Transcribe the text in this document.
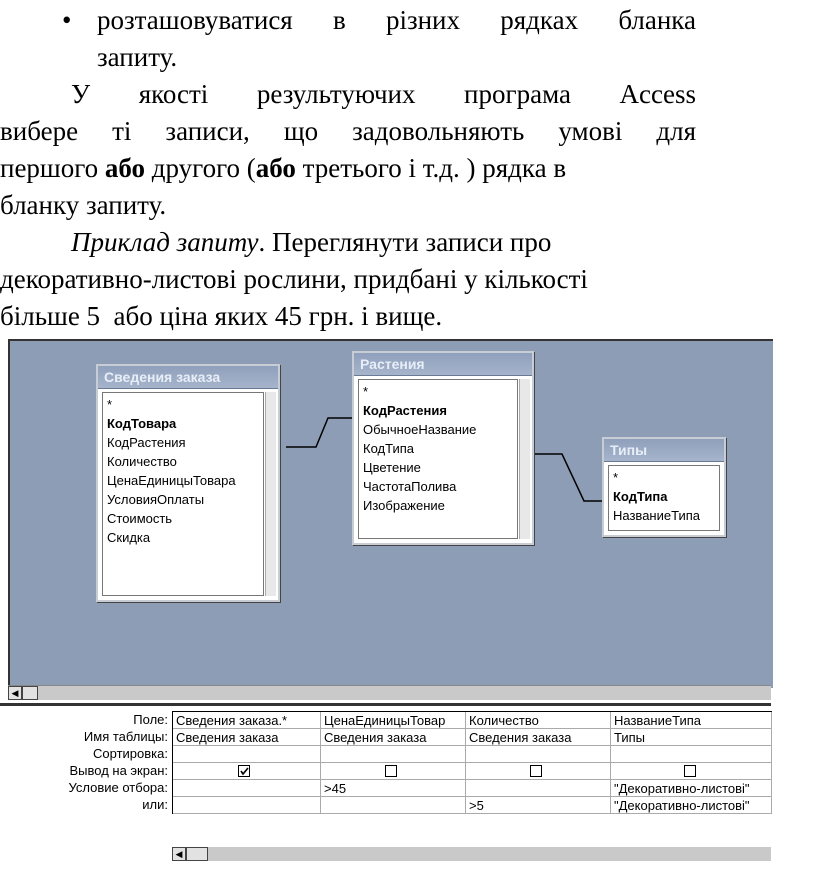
• розташовуватися в різних рядках бланка
запиту.
У якості результуючих програма Access
вибере ті записи, що задовольняють умові для
першого або другого (або третього і т.д. ) рядка в
бланку запиту.
Приклад запиту. Переглянути записи про
декоративно-листові рослини, придбані у кількості
більше 5  або ціна яких 45 грн. і вище.
Сведения заказа
*
КодТовара
КодРастения
Количество
ЦенаЕдиницыТовара
УсловияОплаты
Стоимость
Скидка
Растения
*
КодРастения
ОбычноеНазвание
КодТипа
Цветение
ЧастотаПолива
Изображение
Типы
*
КодТипа
НазваниеТипа
◀
Поле:
Имя таблицы:
Сортировка:
Вывод на экран:
Условие отбора:
или:
Сведения заказа.*
Сведения заказа
ЦенаЕдиницыТовар
Сведения заказа
>45
Количество
Сведения заказа
>5
НазваниеТипа
Типы
"Декоративно-листові"
"Декоративно-листові"
◀
